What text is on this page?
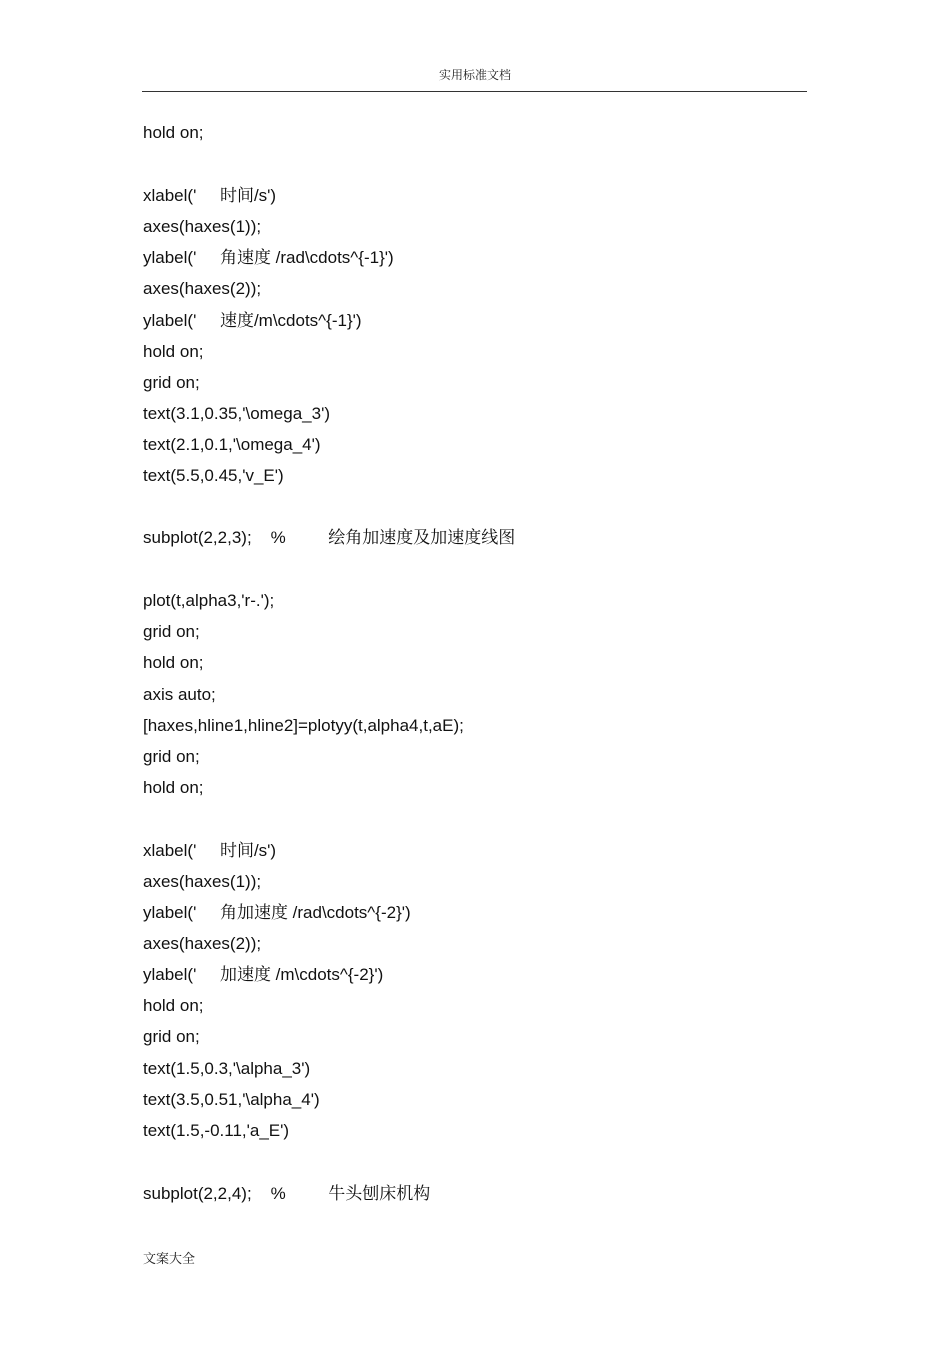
实用标准文档
hold on;
xlabel('     时间/s')
axes(haxes(1));
ylabel('     角速度 /rad\cdots^{-1}')
axes(haxes(2));
ylabel('     速度/m\cdots^{-1}')
hold on;
grid on;
text(3.1,0.35,'\omega_3')
text(2.1,0.1,'\omega_4')
text(5.5,0.45,'v_E')
subplot(2,2,3);    %         绘角加速度及加速度线图
plot(t,alpha3,'r-.');
grid on;
hold on;
axis auto;
[haxes,hline1,hline2]=plotyy(t,alpha4,t,aE);
grid on;
hold on;
xlabel('     时间/s')
axes(haxes(1));
ylabel('     角加速度 /rad\cdots^{-2}')
axes(haxes(2));
ylabel('     加速度 /m\cdots^{-2}')
hold on;
grid on;
text(1.5,0.3,'\alpha_3')
text(3.5,0.51,'\alpha_4')
text(1.5,-0.11,'a_E')
subplot(2,2,4);    %         牛头刨床机构
文案大全
